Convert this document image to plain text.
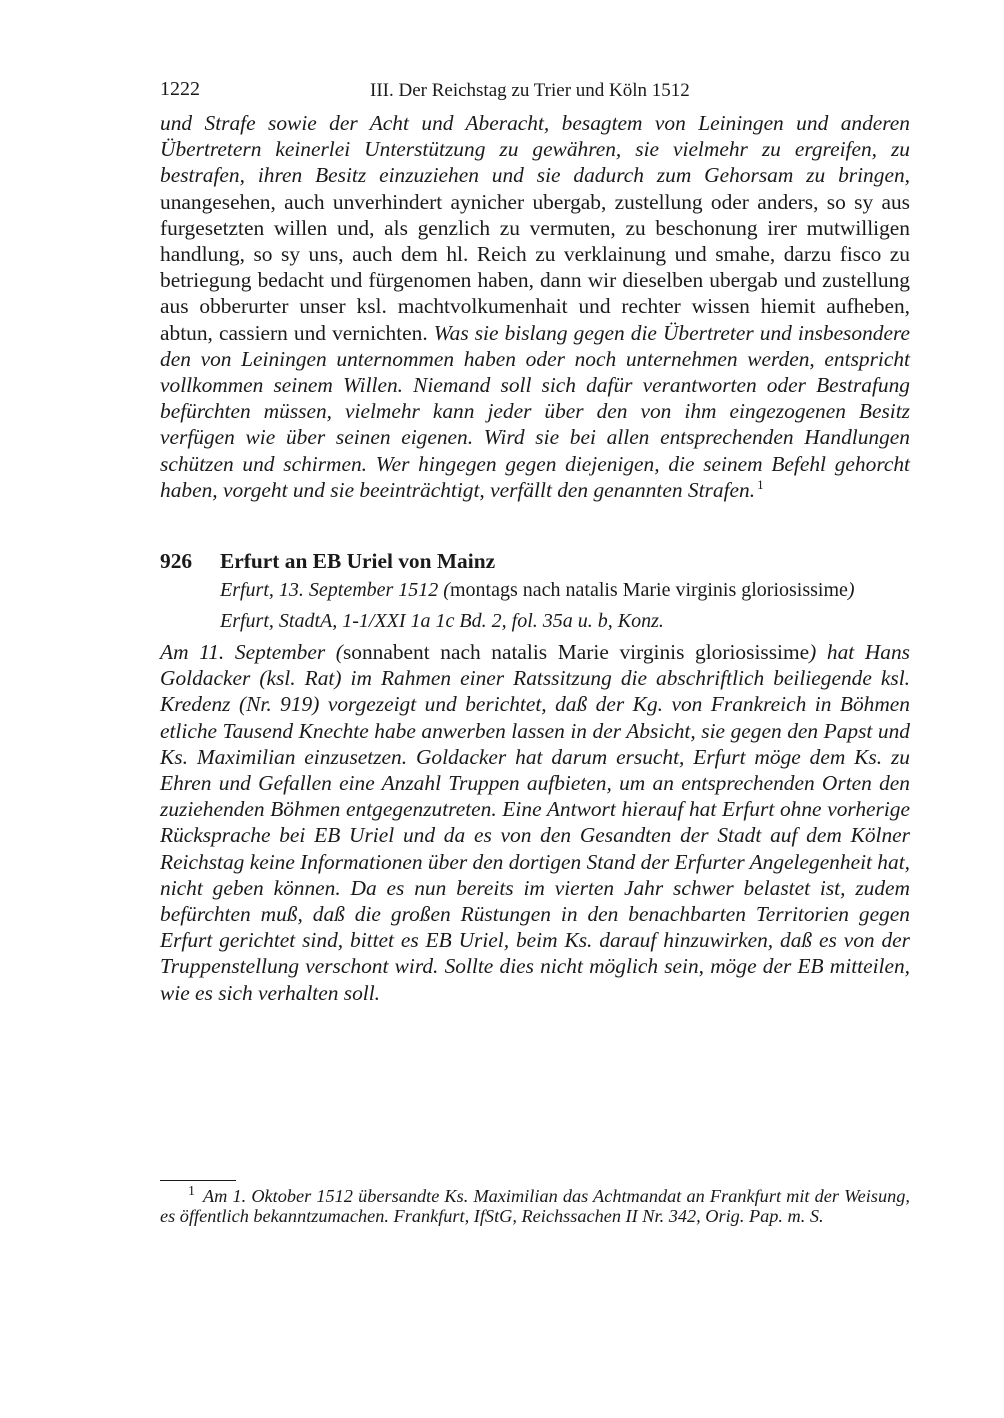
1222	III. Der Reichstag zu Trier und Köln 1512

und Strafe sowie der Acht und Aberacht, besagtem von Leiningen und anderen Übertretern keinerlei Unterstützung zu gewähren, sie vielmehr zu ergreifen, zu bestrafen, ihren Besitz einzuziehen und sie dadurch zum Gehorsam zu bringen, unangesehen, auch unverhindert aynicher ubergab, zustellung oder anders, so sy aus furgesetzten willen und, als genzlich zu vermuten, zu beschonung irer mutwilligen handlung, so sy uns, auch dem hl. Reich zu verklainung und smahe, darzu fisco zu betriegung bedacht und fürgenomen haben, dann wir dieselben ubergab und zustellung aus obberurter unser ksl. machtvolkumenhait und rechter wissen hiemit aufheben, abtun, cassiern und vernichten. Was sie bislang gegen die Übertreter und insbesondere den von Leiningen unternommen haben oder noch unternehmen werden, entspricht vollkommen seinem Willen. Niemand soll sich dafür verantworten oder Bestrafung befürchten müssen, vielmehr kann jeder über den von ihm eingezogenen Besitz verfügen wie über seinen eigenen. Wird sie bei allen entsprechenden Handlungen schützen und schirmen. Wer hingegen gegen diejenigen, die seinem Befehl gehorcht haben, vorgeht und sie beeinträchtigt, verfällt den genannten Strafen. $^1$

926 Erfurt an EB Uriel von Mainz
Erfurt, 13. September 1512 (montags nach natalis Marie virginis gloriosissime)
Erfurt, StadtA, 1-1/XXI 1a 1c Bd. 2, fol. 35a u. b, Konz.

Am 11. September (sonnabent nach natalis Marie virginis gloriosissime) hat Hans Goldacker (ksl. Rat) im Rahmen einer Ratssitzung die abschriftlich beiliegende ksl. Kredenz (Nr. 919) vorgezeigt und berichtet, daß der Kg. von Frankreich in Böhmen etliche Tausend Knechte habe anwerben lassen in der Absicht, sie gegen den Papst und Ks. Maximilian einzusetzen. Goldacker hat darum ersucht, Erfurt möge dem Ks. zu Ehren und Gefallen eine Anzahl Truppen aufbieten, um an entsprechenden Orten den zuziehenden Böhmen entgegenzutreten. Eine Antwort hierauf hat Erfurt ohne vorherige Rücksprache bei EB Uriel und da es von den Gesandten der Stadt auf dem Kölner Reichstag keine Informationen über den dortigen Stand der Erfurter Angelegenheit hat, nicht geben können. Da es nun bereits im vierten Jahr schwer belastet ist, zudem befürchten muß, daß die großen Rüstungen in den benachbarten Territorien gegen Erfurt gerichtet sind, bittet es EB Uriel, beim Ks. darauf hinzuwirken, daß es von der Truppenstellung verschont wird. Sollte dies nicht möglich sein, möge der EB mitteilen, wie es sich verhalten soll.

$^1$ Am 1. Oktober 1512 übersandte Ks. Maximilian das Achtmandat an Frankfurt mit der Weisung, es öffentlich bekanntzumachen. Frankfurt, IfStG, Reichssachen II Nr. 342, Orig. Pap. m. S.
